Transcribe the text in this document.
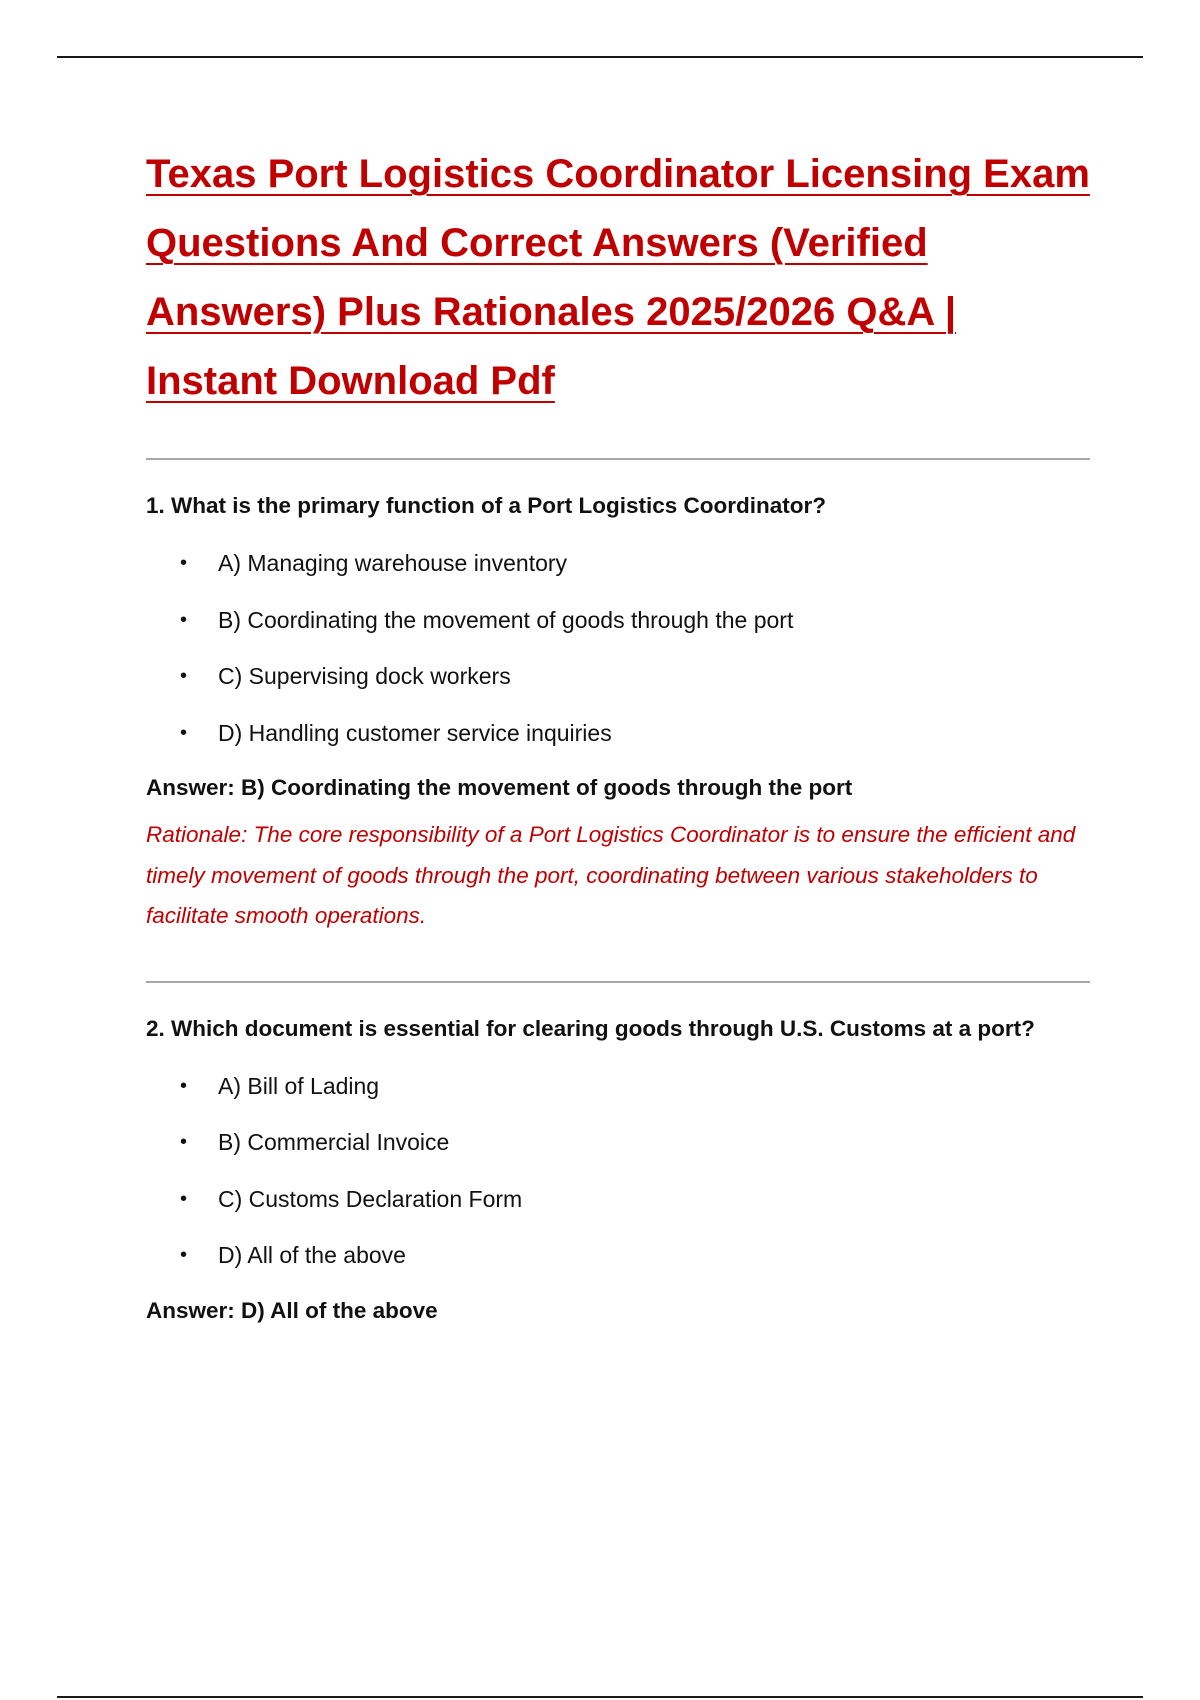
Texas Port Logistics Coordinator Licensing Exam Questions And Correct Answers (Verified Answers) Plus Rationales 2025/2026 Q&A | Instant Download Pdf

1. What is the primary function of a Port Logistics Coordinator?

• A) Managing warehouse inventory
• B) Coordinating the movement of goods through the port
• C) Supervising dock workers
• D) Handling customer service inquiries

Answer: B) Coordinating the movement of goods through the port

Rationale: The core responsibility of a Port Logistics Coordinator is to ensure the efficient and timely movement of goods through the port, coordinating between various stakeholders to facilitate smooth operations.

2. Which document is essential for clearing goods through U.S. Customs at a port?

• A) Bill of Lading
• B) Commercial Invoice
• C) Customs Declaration Form
• D) All of the above

Answer: D) All of the above
